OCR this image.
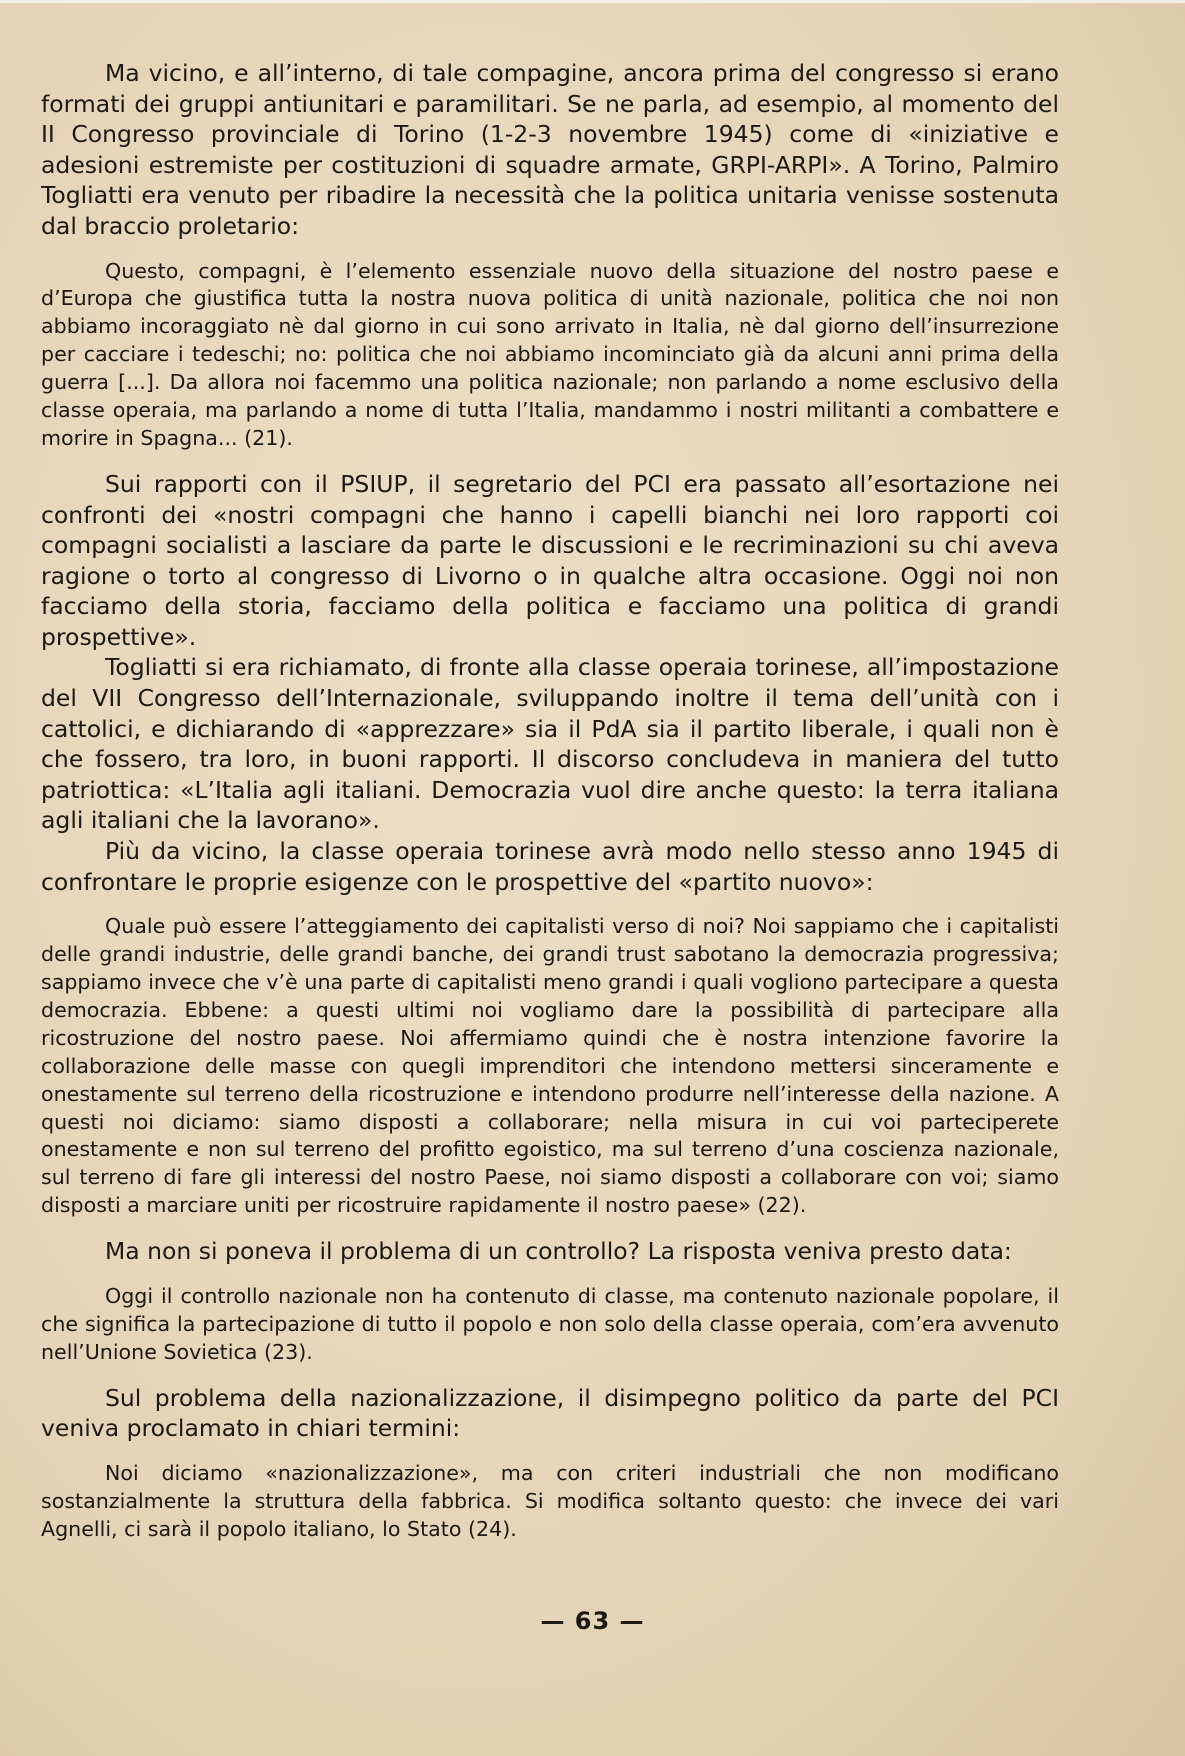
Ma vicino, e all’interno, di tale compagine, ancora prima del congresso si erano formati dei gruppi antiunitari e paramilitari. Se ne parla, ad esempio, al momento del II Congresso provinciale di Torino (1-2-3 novembre 1945) come di «iniziative e adesioni estremiste per costituzioni di squadre armate, GRPI-ARPI». A Torino, Palmiro Togliatti era venuto per ribadire la necessità che la politica unitaria venisse sostenuta dal braccio proletario:

Questo, compagni, è l’elemento essenziale nuovo della situazione del nostro paese e d’Europa che giustifica tutta la nostra nuova politica di unità nazionale, politica che noi non abbiamo incoraggiato nè dal giorno in cui sono arrivato in Italia, nè dal giorno dell’insurrezione per cacciare i tedeschi; no: politica che noi abbiamo incominciato già da alcuni anni prima della guerra [...]. Da allora noi facemmo una politica nazionale; non parlando a nome esclusivo della classe operaia, ma parlando a nome di tutta l’Italia, mandammo i nostri militanti a combattere e morire in Spagna... (21).

Sui rapporti con il PSIUP, il segretario del PCI era passato all’esortazione nei confronti dei «nostri compagni che hanno i capelli bianchi nei loro rapporti coi compagni socialisti a lasciare da parte le discussioni e le recriminazioni su chi aveva ragione o torto al congresso di Livorno o in qualche altra occasione. Oggi noi non facciamo della storia, facciamo della politica e facciamo una politica di grandi prospettive».

Togliatti si era richiamato, di fronte alla classe operaia torinese, all’impostazione del VII Congresso dell’Internazionale, sviluppando inoltre il tema dell’unità con i cattolici, e dichiarando di «apprezzare» sia il PdA sia il partito liberale, i quali non è che fossero, tra loro, in buoni rapporti. Il discorso concludeva in maniera del tutto patriottica: «L’Italia agli italiani. Democrazia vuol dire anche questo: la terra italiana agli italiani che la lavorano».

Più da vicino, la classe operaia torinese avrà modo nello stesso anno 1945 di confrontare le proprie esigenze con le prospettive del «partito nuovo»:

Quale può essere l’atteggiamento dei capitalisti verso di noi? Noi sappiamo che i capitalisti delle grandi industrie, delle grandi banche, dei grandi trust sabotano la democrazia progressiva; sappiamo invece che v’è una parte di capitalisti meno grandi i quali vogliono partecipare a questa democrazia. Ebbene: a questi ultimi noi vogliamo dare la possibilità di partecipare alla ricostruzione del nostro paese. Noi affermiamo quindi che è nostra intenzione favorire la collaborazione delle masse con quegli imprenditori che intendono mettersi sinceramente e onestamente sul terreno della ricostruzione e intendono produrre nell’interesse della nazione. A questi noi diciamo: siamo disposti a collaborare; nella misura in cui voi parteciperete onestamente e non sul terreno del profitto egoistico, ma sul terreno d’una coscienza nazionale, sul terreno di fare gli interessi del nostro Paese, noi siamo disposti a collaborare con voi; siamo disposti a marciare uniti per ricostruire rapidamente il nostro paese» (22).

Ma non si poneva il problema di un controllo? La risposta veniva presto data:

Oggi il controllo nazionale non ha contenuto di classe, ma contenuto nazionale popolare, il che significa la partecipazione di tutto il popolo e non solo della classe operaia, com’era avvenuto nell’Unione Sovietica (23).

Sul problema della nazionalizzazione, il disimpegno politico da parte del PCI veniva proclamato in chiari termini:

Noi diciamo «nazionalizzazione», ma con criteri industriali che non modificano sostanzialmente la struttura della fabbrica. Si modifica soltanto questo: che invece dei vari Agnelli, ci sarà il popolo italiano, lo Stato (24).

— 63 —
